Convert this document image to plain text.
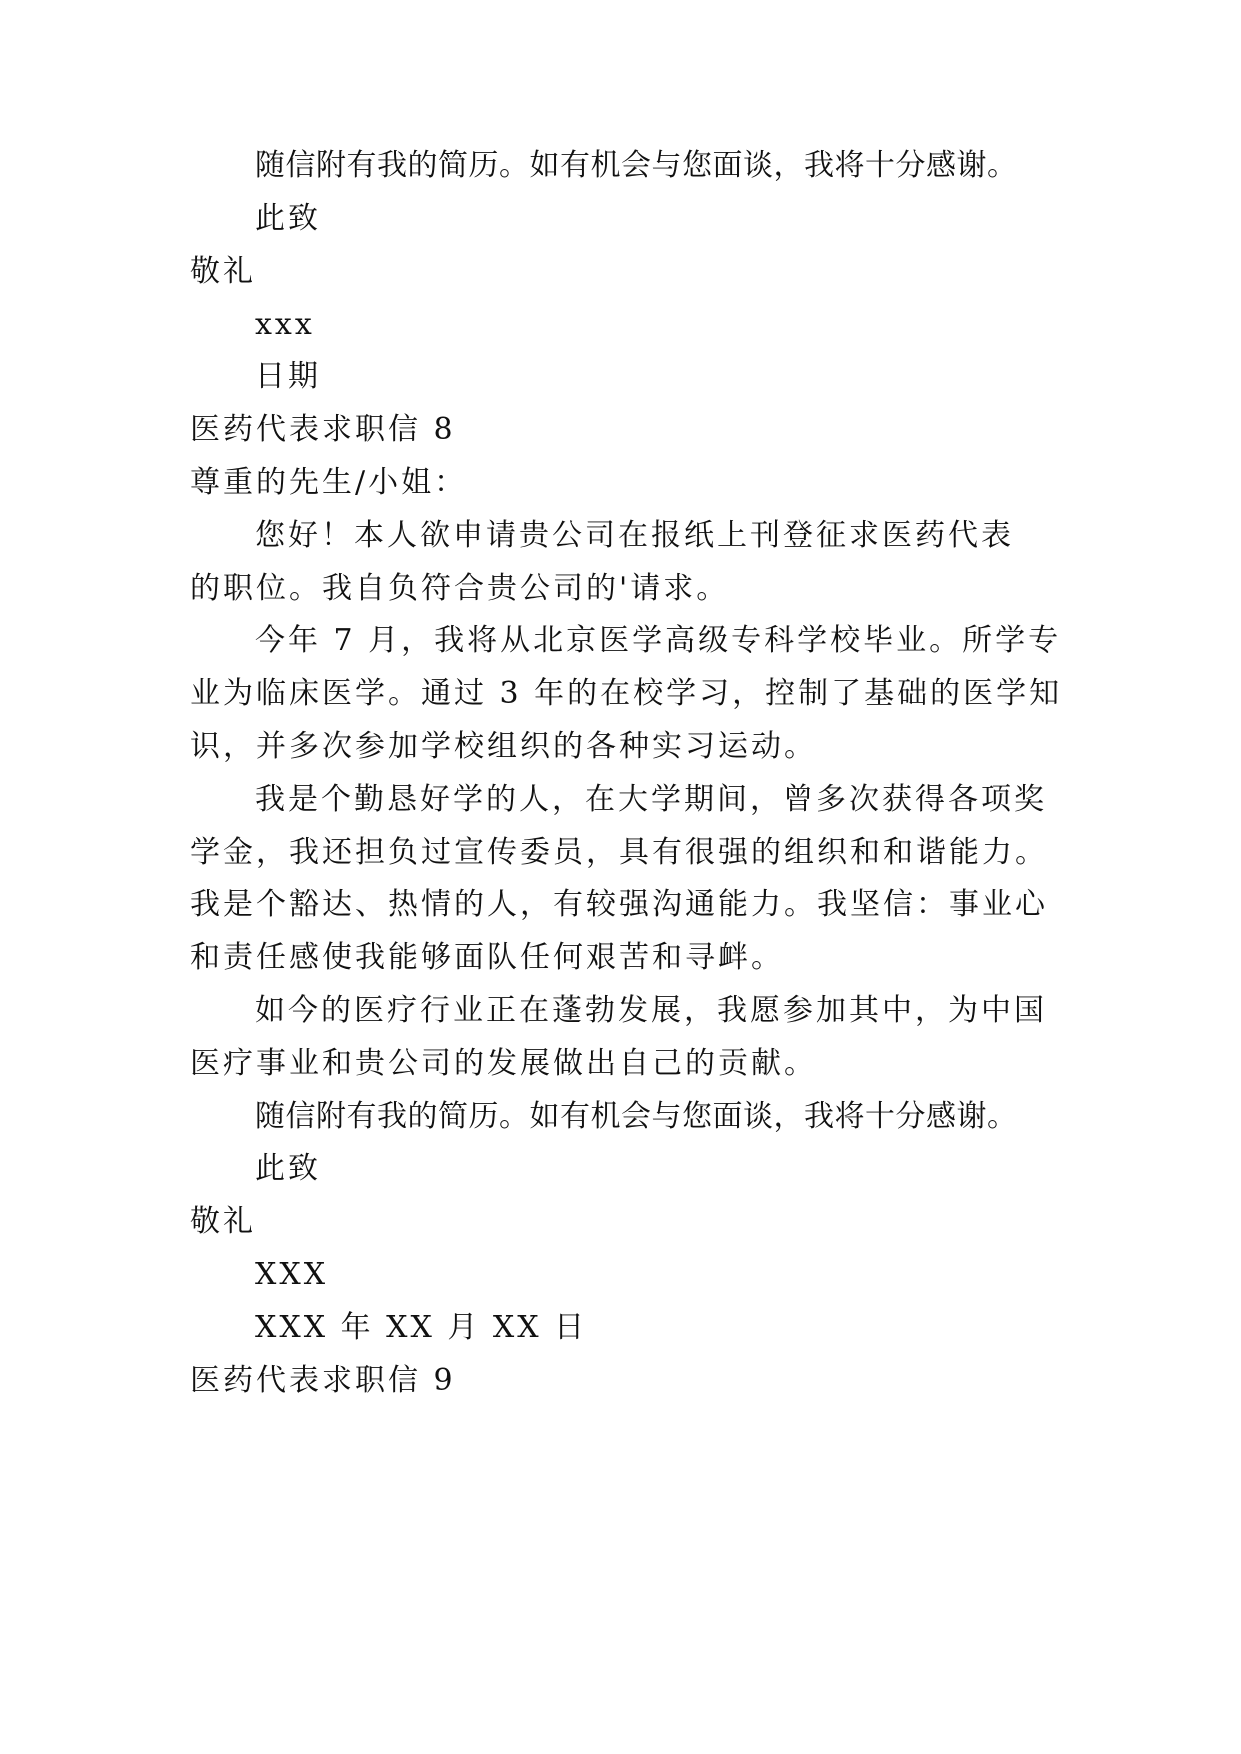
随信附有我的简历。如有机会与您面谈，我将十分感谢。
此致
敬礼
xxx
日期
医药代表求职信 8
尊重的先生/小姐：
您好！本人欲申请贵公司在报纸上刊登征求医药代表
的职位。我自负符合贵公司的'请求。
今年 7 月，我将从北京医学高级专科学校毕业。所学专
业为临床医学。通过 3 年的在校学习，控制了基础的医学知
识，并多次参加学校组织的各种实习运动。
我是个勤恳好学的人，在大学期间，曾多次获得各项奖
学金，我还担负过宣传委员，具有很强的组织和和谐能力。
我是个豁达、热情的人，有较强沟通能力。我坚信：事业心
和责任感使我能够面队任何艰苦和寻衅。
如今的医疗行业正在蓬勃发展，我愿参加其中，为中国
医疗事业和贵公司的发展做出自己的贡献。
随信附有我的简历。如有机会与您面谈，我将十分感谢。
此致
敬礼
XXX
XXX 年 XX 月 XX 日
医药代表求职信 9
